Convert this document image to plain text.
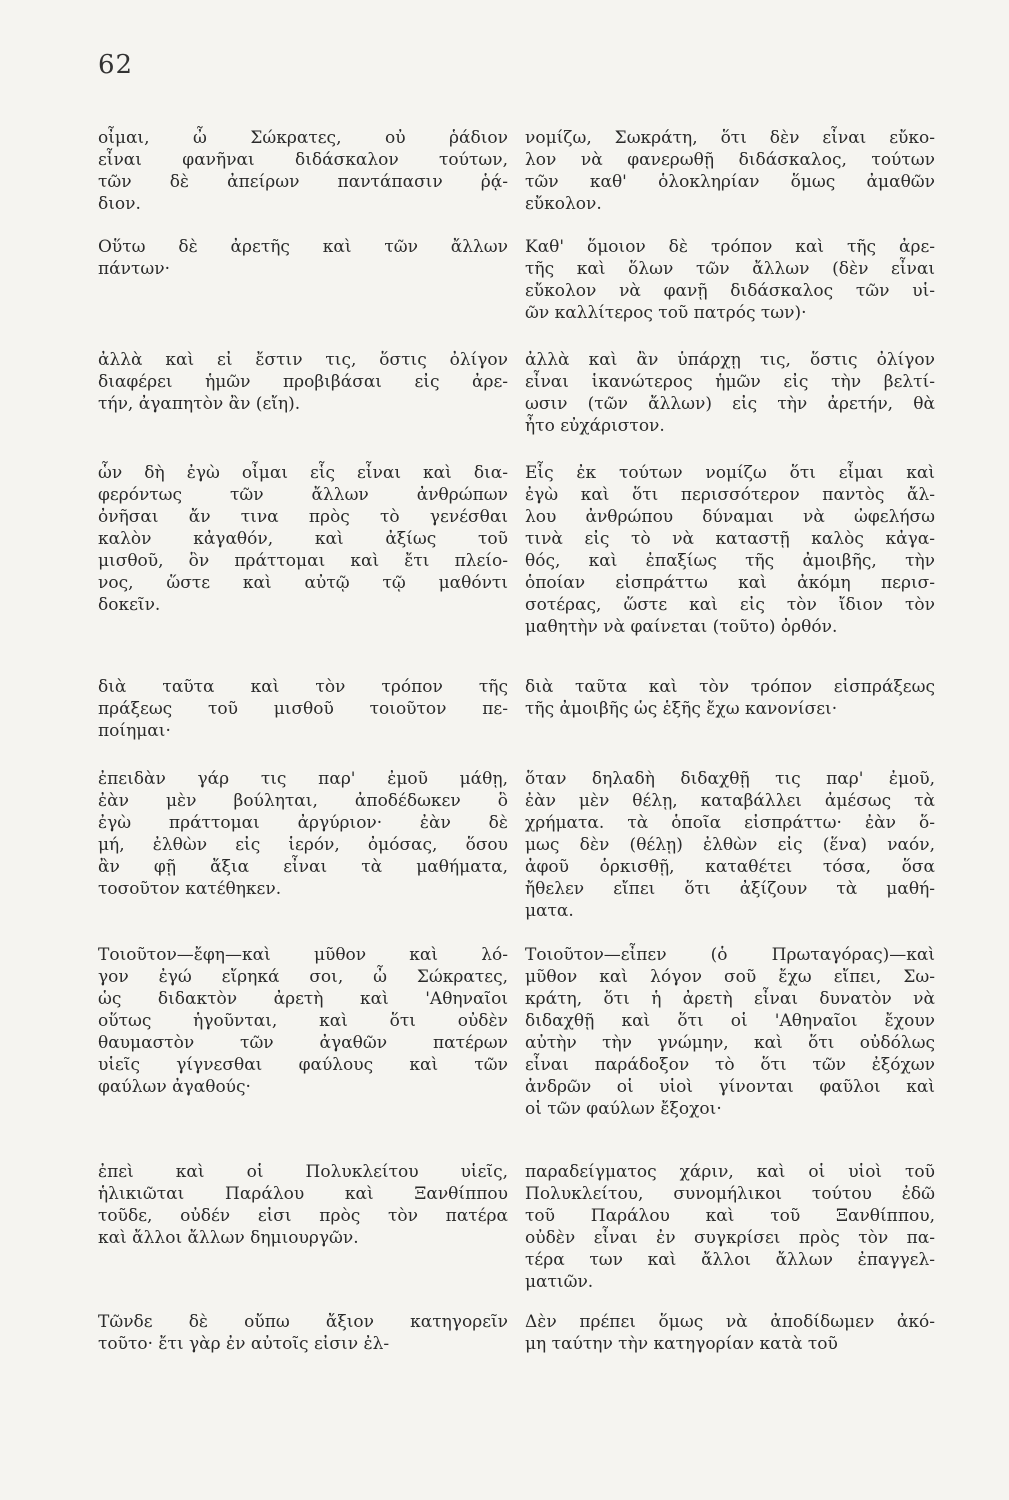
62
οἶμαι, ὦ Σώκρατες, οὐ ῥάδιον
εἶναι φανῆναι διδάσκαλον τούτων,
τῶν δὲ ἀπείρων παντάπασιν ῥᾴ-
διον.
Οὕτω δὲ ἀρετῆς καὶ τῶν ἄλλων
πάντων·
ἀλλὰ καὶ εἰ ἔστιν τις, ὅστις ὀλίγον
διαφέρει ἡμῶν προβιβάσαι εἰς ἀρε-
τήν, ἀγαπητὸν ἂν (εἴη).
ὧν δὴ ἐγὼ οἶμαι εἷς εἶναι καὶ δια-
φερόντως τῶν ἄλλων ἀνθρώπων
ὀνῆσαι ἄν τινα πρὸς τὸ γενέσθαι
καλὸν κἀγαθόν, καὶ ἀξίως τοῦ
μισθοῦ, ὃν πράττομαι καὶ ἔτι πλείο-
νος, ὥστε καὶ αὐτῷ τῷ μαθόντι
δοκεῖν.
διὰ ταῦτα καὶ τὸν τρόπον τῆς
πράξεως τοῦ μισθοῦ τοιοῦτον πε-
ποίημαι·
ἐπειδὰν γάρ τις παρ' ἐμοῦ μάθῃ,
ἐὰν μὲν βούληται, ἀποδέδωκεν ὃ
ἐγὼ πράττομαι ἀργύριον· ἐὰν δὲ
μή, ἐλθὼν εἰς ἱερόν, ὀμόσας, ὅσου
ἂν φῇ ἄξια εἶναι τὰ μαθήματα,
τοσοῦτον κατέθηκεν.
Τοιοῦτον—ἔφη—καὶ μῦθον καὶ λό-
γον ἐγώ εἴρηκά σοι, ὦ Σώκρατες,
ὡς διδακτὸν ἀρετὴ καὶ 'Αθηναῖοι
οὕτως ἡγοῦνται, καὶ ὅτι οὐδὲν
θαυμαστὸν τῶν ἀγαθῶν πατέρων
υἱεῖς γίγνεσθαι φαύλους καὶ τῶν
φαύλων ἀγαθούς·
ἐπεὶ καὶ οἱ Πολυκλείτου υἱεῖς,
ἡλικιῶται Παράλου καὶ Ξανθίππου
τοῦδε, οὐδέν εἰσι πρὸς τὸν πατέρα
καὶ ἄλλοι ἄλλων δημιουργῶν.
Τῶνδε δὲ οὔπω ἄξιον κατηγορεῖν
τοῦτο· ἔτι γὰρ ἐν αὐτοῖς εἰσιν ἐλ-
νομίζω, Σωκράτη, ὅτι δὲν εἶναι εὔκο-
λον νὰ φανερωθῇ διδάσκαλος, τούτων
τῶν καθ' ὁλοκληρίαν ὅμως ἀμαθῶν
εὔκολον.
Καθ' ὅμοιον δὲ τρόπον καὶ τῆς ἀρε-
τῆς καὶ ὅλων τῶν ἄλλων (δὲν εἶναι
εὔκολον νὰ φανῇ διδάσκαλος τῶν υἱ-
ῶν καλλίτερος τοῦ πατρός των)·
ἀλλὰ καὶ ἂν ὑπάρχῃ τις, ὅστις ὀλίγον
εἶναι ἱκανώτερος ἡμῶν εἰς τὴν βελτί-
ωσιν (τῶν ἄλλων) εἰς τὴν ἀρετήν, θὰ
ἦτο εὐχάριστον.
Εἷς ἐκ τούτων νομίζω ὅτι εἶμαι καὶ
ἐγὼ καὶ ὅτι περισσότερον παντὸς ἄλ-
λου ἀνθρώπου δύναμαι νὰ ὠφελήσω
τινὰ εἰς τὸ νὰ καταστῇ καλὸς κἀγα-
θός, καὶ ἐπαξίως τῆς ἀμοιβῆς, τὴν
ὁποίαν εἰσπράττω καὶ ἀκόμη περισ-
σοτέρας, ὥστε καὶ εἰς τὸν ἴδιον τὸν
μαθητὴν νὰ φαίνεται (τοῦτο) ὀρθόν.
διὰ ταῦτα καὶ τὸν τρόπον εἰσπράξεως
τῆς ἀμοιβῆς ὡς ἑξῆς ἔχω κανονίσει·
ὅταν δηλαδὴ διδαχθῇ τις παρ' ἐμοῦ,
ἐὰν μὲν θέλῃ, καταβάλλει ἀμέσως τὰ
χρήματα. τὰ ὁποῖα εἰσπράττω· ἐὰν ὅ-
μως δὲν (θέλῃ) ἐλθὼν εἰς (ἕνα) ναόν,
ἀφοῦ ὁρκισθῇ, καταθέτει τόσα, ὅσα
ἤθελεν εἴπει ὅτι ἀξίζουν τὰ μαθή-
ματα.
Τοιοῦτον—εἶπεν (ὁ Πρωταγόρας)—καὶ
μῦθον καὶ λόγον σοῦ ἔχω εἴπει, Σω-
κράτη, ὅτι ἡ ἀρετὴ εἶναι δυνατὸν νὰ
διδαχθῇ καὶ ὅτι οἱ 'Αθηναῖοι ἔχουν
αὐτὴν τὴν γνώμην, καὶ ὅτι οὐδόλως
εἶναι παράδοξον τὸ ὅτι τῶν ἐξόχων
ἀνδρῶν οἱ υἱοὶ γίνονται φαῦλοι καὶ
οἱ τῶν φαύλων ἔξοχοι·
παραδείγματος χάριν, καὶ οἱ υἱοὶ τοῦ
Πολυκλείτου, συνομήλικοι τούτου ἐδῶ
τοῦ Παράλου καὶ τοῦ Ξανθίππου,
οὐδὲν εἶναι ἐν συγκρίσει πρὸς τὸν πα-
τέρα των καὶ ἄλλοι ἄλλων ἐπαγγελ-
ματιῶν.
Δὲν πρέπει ὅμως νὰ ἀποδίδωμεν ἀκό-
μη ταύτην τὴν κατηγορίαν κατὰ τοῦ
